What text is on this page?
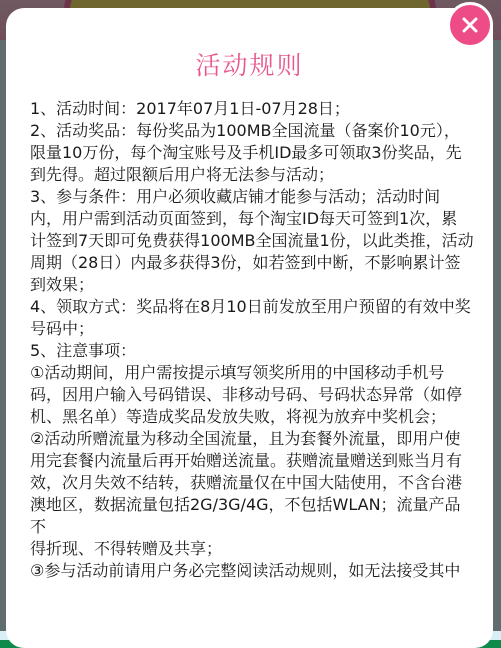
活动规则

1、活动时间：2017年07月1日-07月28日；

2、活动奖品：每份奖品为100MB全国流量（备案价10元），
限量10万份，每个淘宝账号及手机ID最多可领取3份奖品，先
到先得。超过限额后用户将无法参与活动；

3、参与条件：用户必须收藏店铺才能参与活动；活动时间
内，用户需到活动页面签到，每个淘宝ID每天可签到1次，累
计签到7天即可免费获得100MB全国流量1份，以此类推，活动
周期（28日）内最多获得3份，如若签到中断，不影响累计签
到效果；

4、领取方式：奖品将在8月10日前发放至用户预留的有效中奖
号码中；

5、注意事项：

①活动期间，用户需按提示填写领奖所用的中国移动手机号
码，因用户输入号码错误、非移动号码、号码状态异常（如停
机、黑名单）等造成奖品发放失败，将视为放弃中奖机会；

②活动所赠流量为移动全国流量，且为套餐外流量，即用户使
用完套餐内流量后再开始赠送流量。获赠流量赠送到账当月有
效，次月失效不结转，获赠流量仅在中国大陆使用，不含台港
澳地区，数据流量包括2G/3G/4G，不包括WLAN；流量产品不
得折现、不得转赠及共享；

③参与活动前请用户务必完整阅读活动规则，如无法接受其中
